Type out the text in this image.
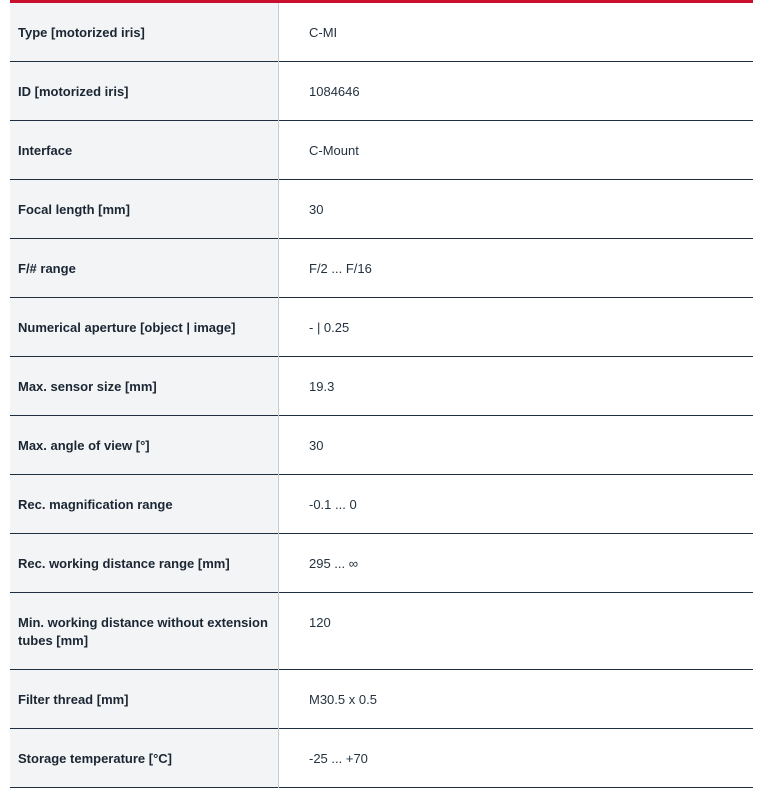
Type [motorized iris]	C-MI
ID [motorized iris]	1084646
Interface	C-Mount
Focal length [mm]	30
F/# range	F/2 ... F/16
Numerical aperture [object | image]	- | 0.25
Max. sensor size [mm]	19.3
Max. angle of view [°]	30
Rec. magnification range	-0.1 ... 0
Rec. working distance range [mm]	295 ... ∞
Min. working distance without extension tubes [mm]	120
Filter thread [mm]	M30.5 x 0.5
Storage temperature [°C]	-25 ... +70
